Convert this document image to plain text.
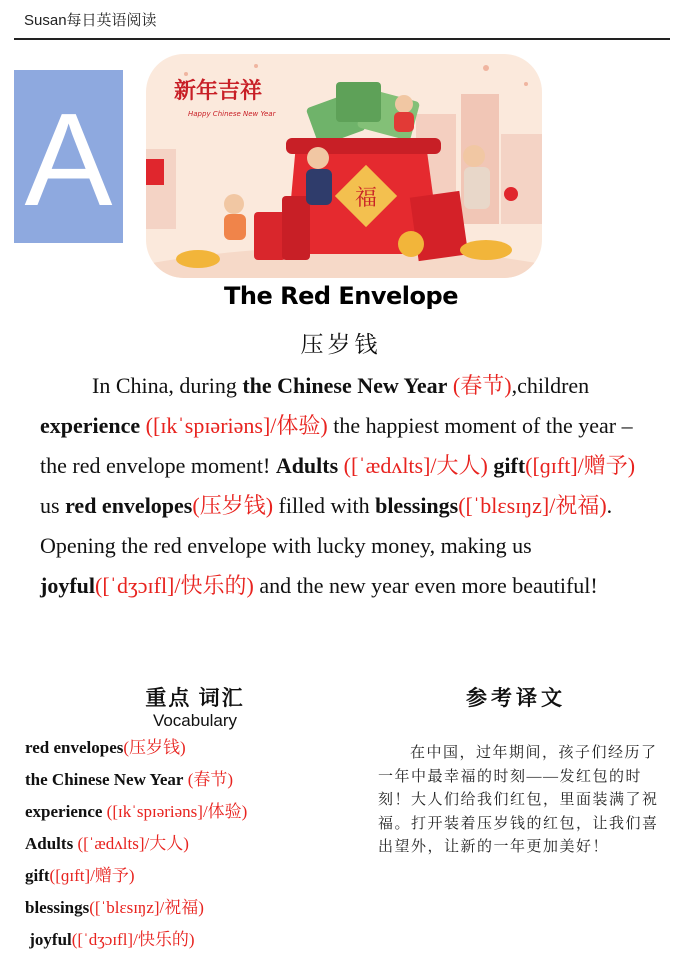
Susan每日英语阅读
A	福
新年吉祥
Happy Chinese New Year
The Red Envelope
压岁钱
In China, during the Chinese New Year (春节),children experience ([ɪkˈspɪəriəns]/体验) the happiest moment of the year – the red envelope moment! Adults ([ˈædʌlts]/大人) gift([ɡɪft]/赠予) us red envelopes(压岁钱) filled with blessings([ˈblɛsɪŋz]/祝福). Opening the red envelope with lucky money, making us joyful([ˈdʒɔɪfl]/快乐的) and the new year even more beautiful!
重点 词汇
Vocabulary
red envelopes(压岁钱)
the Chinese New Year (春节)
experience ([ɪkˈspɪəriəns]/体验)
Adults ([ˈædʌlts]/大人)
gift([ɡɪft]/赠予)
blessings([ˈblɛsɪŋz]/祝福)
joyful([ˈdʒɔɪfl]/快乐的)
参考译文
在中国，过年期间，孩子们经历了一年中最幸福的时刻——发红包的时刻！大人们给我们红包，里面装满了祝福。打开装着压岁钱的红包，让我们喜出望外，让新的一年更加美好！
